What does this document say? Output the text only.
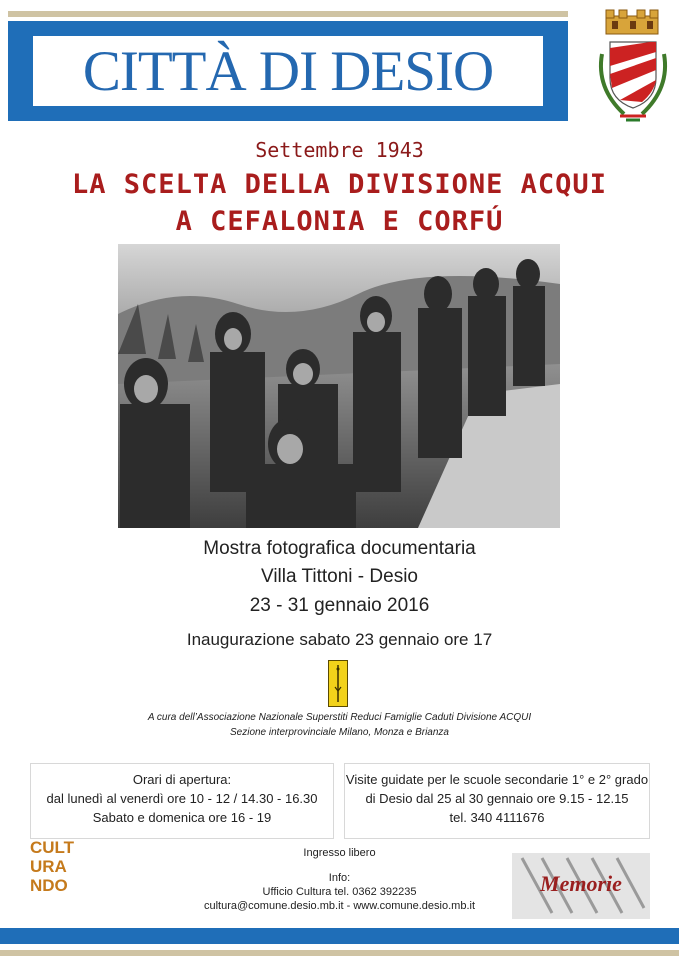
CITTÀ DI DESIO
Settembre 1943
LA SCELTA DELLA DIVISIONE ACQUI
A CEFALONIA E CORFÚ
Mostra fotografica documentaria
Villa Tittoni - Desio
23 - 31 gennaio 2016
Inaugurazione sabato 23 gennaio ore 17
A cura dell’Associazione Nazionale Superstiti Reduci Famiglie Caduti Divisione ACQUI
Sezione interprovinciale Milano, Monza e Brianza
Orari di apertura:
dal lunedì al venerdì ore 10 - 12 / 14.30 - 16.30
Sabato e domenica ore 16 - 19
Visite guidate per le scuole secondarie 1° e 2° grado
di Desio dal 25 al 30 gennaio ore 9.15 - 12.15
tel. 340 4111676
CULTURANDO
Ingresso libero
Info:
Ufficio Cultura tel. 0362 392235
cultura@comune.desio.mb.it - www.comune.desio.mb.it
Memorie
